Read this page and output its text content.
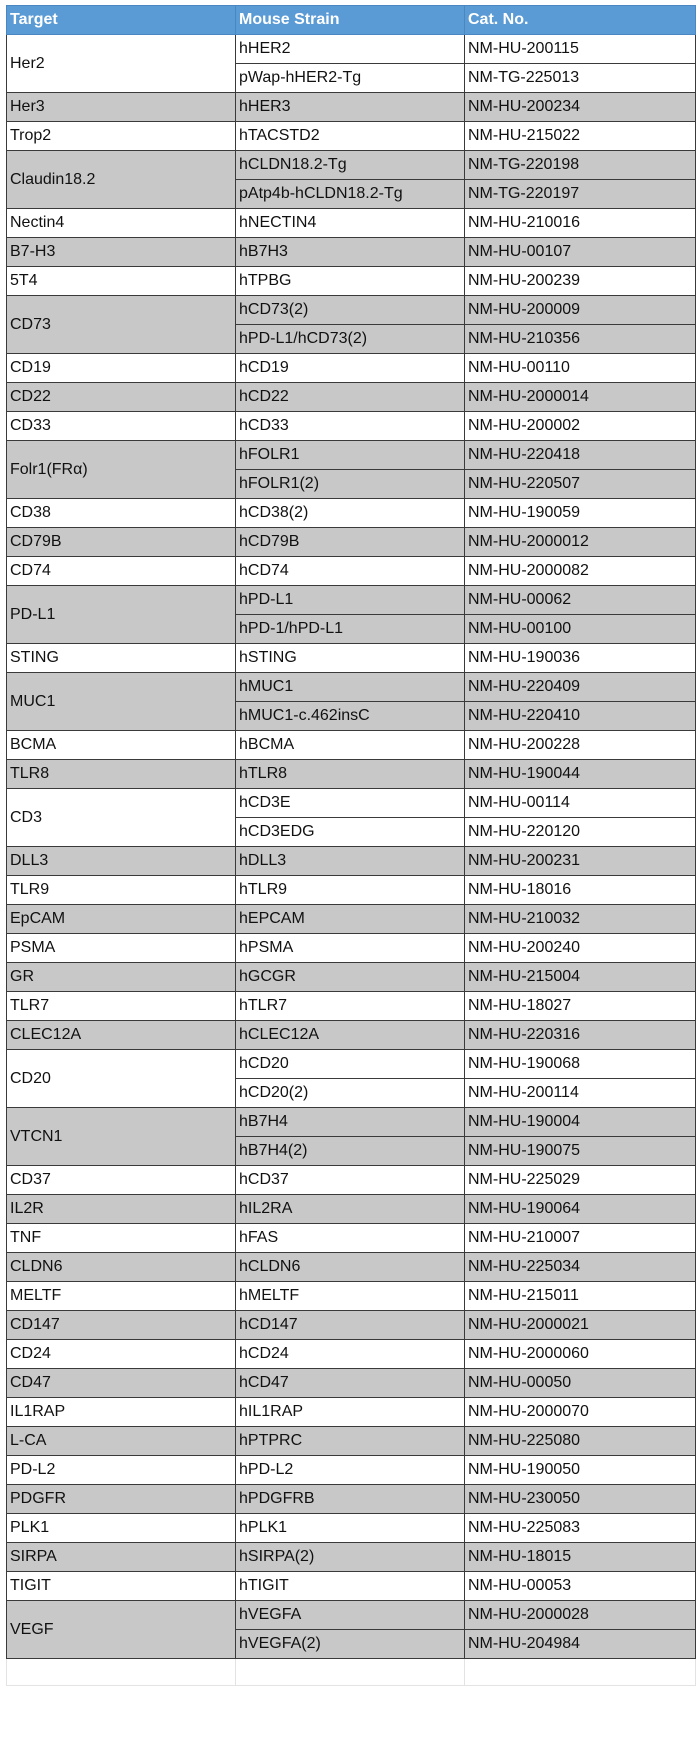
Target	Mouse Strain	Cat. No.
Her2	hHER2	NM-HU-200115
	pWap-hHER2-Tg	NM-TG-225013
Her3	hHER3	NM-HU-200234
Trop2	hTACSTD2	NM-HU-215022
Claudin18.2	hCLDN18.2-Tg	NM-TG-220198
	pAtp4b-hCLDN18.2-Tg	NM-TG-220197
Nectin4	hNECTIN4	NM-HU-210016
B7-H3	hB7H3	NM-HU-00107
5T4	hTPBG	NM-HU-200239
CD73	hCD73(2)	NM-HU-200009
	hPD-L1/hCD73(2)	NM-HU-210356
CD19	hCD19	NM-HU-00110
CD22	hCD22	NM-HU-2000014
CD33	hCD33	NM-HU-200002
Folr1(FRα)	hFOLR1	NM-HU-220418
	hFOLR1(2)	NM-HU-220507
CD38	hCD38(2)	NM-HU-190059
CD79B	hCD79B	NM-HU-2000012
CD74	hCD74	NM-HU-2000082
PD-L1	hPD-L1	NM-HU-00062
	hPD-1/hPD-L1	NM-HU-00100
STING	hSTING	NM-HU-190036
MUC1	hMUC1	NM-HU-220409
	hMUC1-c.462insC	NM-HU-220410
BCMA	hBCMA	NM-HU-200228
TLR8	hTLR8	NM-HU-190044
CD3	hCD3E	NM-HU-00114
	hCD3EDG	NM-HU-220120
DLL3	hDLL3	NM-HU-200231
TLR9	hTLR9	NM-HU-18016
EpCAM	hEPCAM	NM-HU-210032
PSMA	hPSMA	NM-HU-200240
GR	hGCGR	NM-HU-215004
TLR7	hTLR7	NM-HU-18027
CLEC12A	hCLEC12A	NM-HU-220316
CD20	hCD20	NM-HU-190068
	hCD20(2)	NM-HU-200114
VTCN1	hB7H4	NM-HU-190004
	hB7H4(2)	NM-HU-190075
CD37	hCD37	NM-HU-225029
IL2R	hIL2RA	NM-HU-190064
TNF	hFAS	NM-HU-210007
CLDN6	hCLDN6	NM-HU-225034
MELTF	hMELTF	NM-HU-215011
CD147	hCD147	NM-HU-2000021
CD24	hCD24	NM-HU-2000060
CD47	hCD47	NM-HU-00050
IL1RAP	hIL1RAP	NM-HU-2000070
L-CA	hPTPRC	NM-HU-225080
PD-L2	hPD-L2	NM-HU-190050
PDGFR	hPDGFRB	NM-HU-230050
PLK1	hPLK1	NM-HU-225083
SIRPA	hSIRPA(2)	NM-HU-18015
TIGIT	hTIGIT	NM-HU-00053
VEGF	hVEGFA	NM-HU-2000028
	hVEGFA(2)	NM-HU-204984
